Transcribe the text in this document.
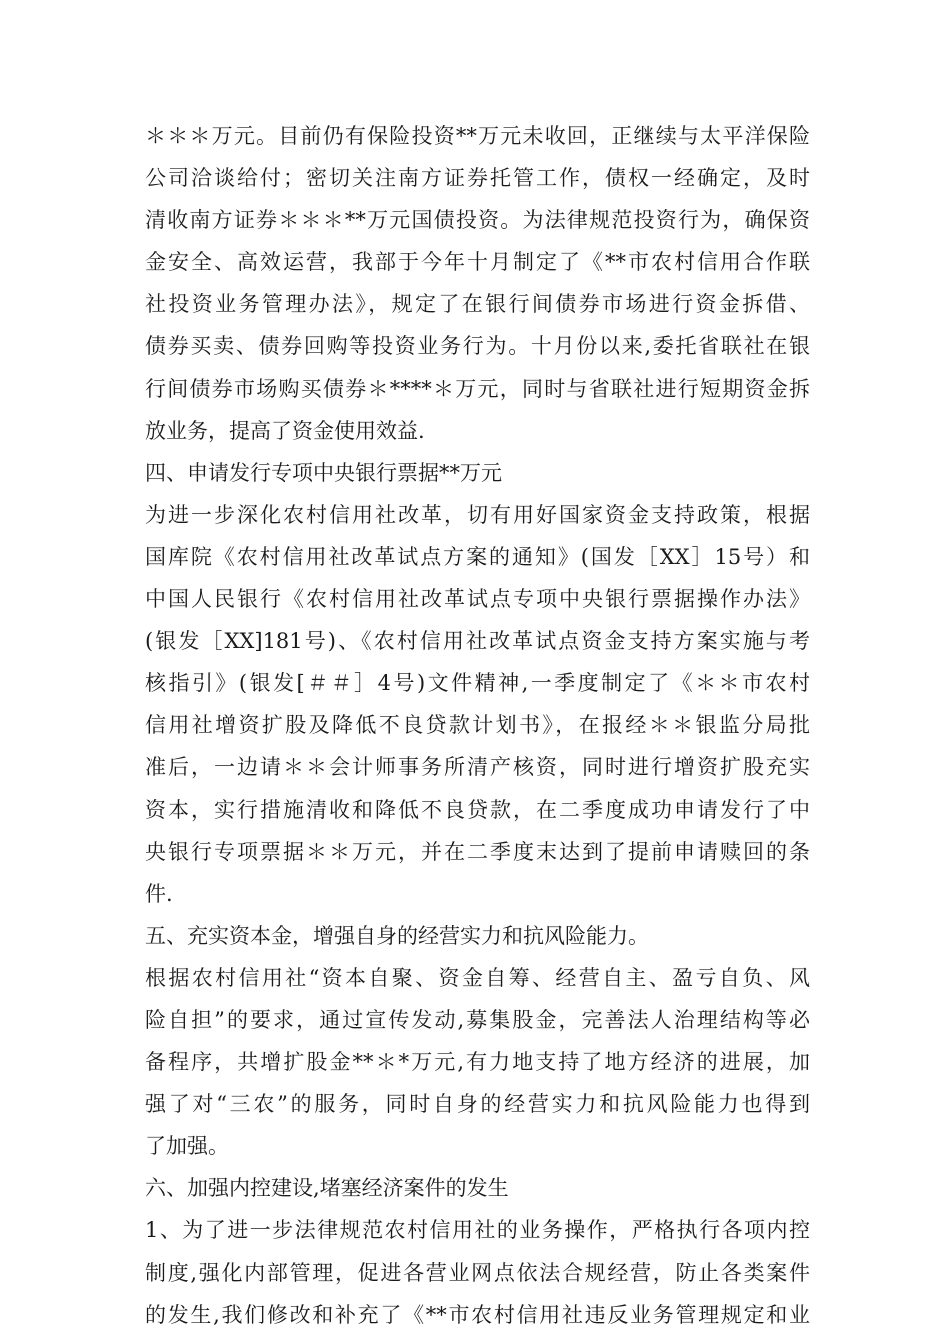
＊＊＊万元。目前仍有保险投资**万元未收回，正继续与太平洋保险
公司洽谈给付；密切关注南方证券托管工作，债权一经确定，及时
清收南方证券＊＊＊**万元国债投资。为法律规范投资行为，确保资
金安全、高效运营，我部于今年十月制定了《**市农村信用合作联
社投资业务管理办法》，规定了在银行间债券市场进行资金拆借、
债券买卖、债券回购等投资业务行为。十月份以来,委托省联社在银
行间债券市场购买债券＊****＊万元，同时与省联社进行短期资金拆
放业务，提高了资金使用效益.
四、申请发行专项中央银行票据**万元
为进一步深化农村信用社改革，切有用好国家资金支持政策，根据
国库院《农村信用社改革试点方案的通知》(国发［XX］15号）和
中国人民银行《农村信用社改革试点专项中央银行票据操作办法》
(银发［XX]181号)、《农村信用社改革试点资金支持方案实施与考
核指引》(银发[＃＃］4号)文件精神,一季度制定了《＊＊市农村
信用社增资扩股及降低不良贷款计划书》，在报经＊＊银监分局批
准后，一边请＊＊会计师事务所清产核资，同时进行增资扩股充实
资本，实行措施清收和降低不良贷款，在二季度成功申请发行了中
央银行专项票据＊＊万元，并在二季度末达到了提前申请赎回的条
件.
五、充实资本金，增强自身的经营实力和抗风险能力。
根据农村信用社“资本自聚、资金自筹、经营自主、盈亏自负、风
险自担”的要求，通过宣传发动,募集股金，完善法人治理结构等必
备程序，共增扩股金**＊*万元,有力地支持了地方经济的进展，加
强了对“三农”的服务，同时自身的经营实力和抗风险能力也得到
了加强。
六、加强内控建设,堵塞经济案件的发生
1、为了进一步法律规范农村信用社的业务操作，严格执行各项内控
制度,强化内部管理，促进各营业网点依法合规经营，防止各类案件
的发生,我们修改和补充了《**市农村信用社违反业务管理规定和业
